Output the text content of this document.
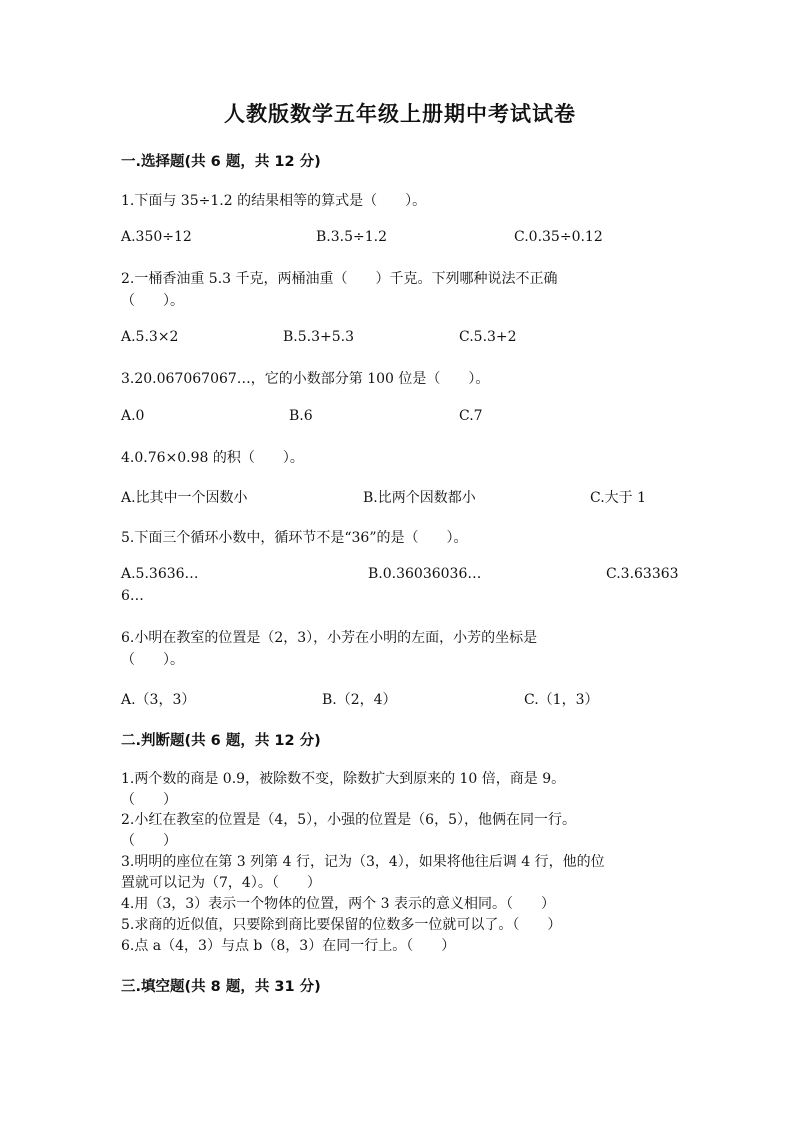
人教版数学五年级上册期中考试试卷
一.选择题(共 6 题，共 12 分)
1.下面与 35÷1.2 的结果相等的算式是（　　）。
A.350÷12	B.3.5÷1.2	C.0.35÷0.12
2.一桶香油重 5.3 千克，两桶油重（　　）千克。下列哪种说法不正确
（　　）。
A.5.3×2	B.5.3+5.3	C.5.3+2
3.20.067067067…，它的小数部分第 100 位是（　　）。
A.0	B.6	C.7
4.0.76×0.98 的积（　　）。
A.比其中一个因数小	B.比两个因数都小	C.大于 1
5.下面三个循环小数中，循环节不是“36”的是（　　）。
A.5.3636…	B.0.36036036…	C.3.63363
6…
6.小明在教室的位置是（2，3），小芳在小明的左面，小芳的坐标是
（　　）。
A.（3，3）	B.（2，4）	C.（1，3）
二.判断题(共 6 题，共 12 分)
1.两个数的商是 0.9，被除数不变，除数扩大到原来的 10 倍，商是 9。
（　　）
2.小红在教室的位置是（4，5），小强的位置是（6，5），他俩在同一行。
（　　）
3.明明的座位在第 3 列第 4 行，记为（3，4），如果将他往后调 4 行，他的位
置就可以记为（7，4）。（　　）
4.用（3，3）表示一个物体的位置，两个 3 表示的意义相同。（　　）
5.求商的近似值，只要除到商比要保留的位数多一位就可以了。（　　）
6.点 a（4，3）与点 b（8，3）在同一行上。（　　）
三.填空题(共 8 题，共 31 分)
